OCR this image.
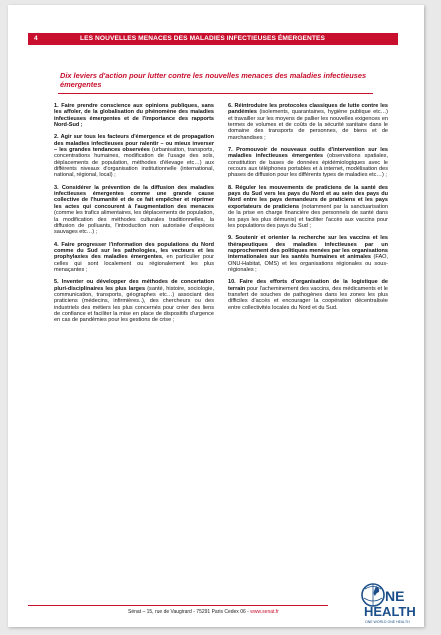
4	LES NOUVELLES MENACES DES MALADIES INFECTIEUSES ÉMERGENTES
Dix leviers d'action pour lutter contre les nouvelles menaces des maladies infectieuses émergentes

1. Faire prendre conscience aux opinions publiques, sans les affoler, de la globalisation du phénomène des maladies infectieuses émergentes et de l'importance des rapports Nord-Sud ;

2. Agir sur tous les facteurs d'émergence et de propagation des maladies infectieuses pour ralentir – ou mieux inverser – les grandes tendances observées (urbanisation, transports, concentrations humaines, modification de l'usage des sols, déplacements de population, méthodes d'élevage etc…) aux différents niveaux d'organisation institutionnelle (international, national, régional, local) ;

3. Considérer la prévention de la diffusion des maladies infectieuses émergentes comme une grande cause collective de l'humanité et de ce fait empêcher et réprimer les actes qui concourent à l'augmentation des menaces (comme les trafics alimentaires, les déplacements de population, la modification des méthodes culturales traditionnelles, la diffusion de polluants, l'introduction non autorisée d'espèces sauvages etc…) ;

4. Faire progresser l'information des populations du Nord comme du Sud sur les pathologies, les vecteurs et les prophylaxies des maladies émergentes, en particulier pour celles qui sont localement ou régionalement les plus menaçantes ;

5. Inventer ou développer des méthodes de concertation pluri-disciplinaires les plus larges (santé, histoire, sociologie, communication, transports, géographes etc…) associant des praticiens (médecins, infirmières..), des chercheurs ou des industriels des métiers les plus concernés pour créer des liens de confiance et faciliter la mise en place de dispositifs d'urgence en cas de pandémies pour les gestions de crise ;

6. Réintroduire les protocoles classiques de lutte contre les pandémies (isolements, quarantaines, hygiène publique etc…) et travailler sur les moyens de pallier les nouvelles exigences en termes de volumes et de coûts de la sécurité sanitaire dans le domaine des transports de personnes, de biens et de marchandises ;

7. Promouvoir de nouveaux outils d'intervention sur les maladies infectieuses émergentes (observations spatiales, constitution de bases de données épidémiologiques avec le recours aux téléphones portables et à internet, modélisation des phases de diffusion pour les différents types de maladies etc…) ;

8. Réguler les mouvements de praticiens de la santé des pays du Sud vers les pays du Nord et au sein des pays du Nord entre les pays demandeurs de praticiens et les pays exportateurs de praticiens (notamment par la sanctuarisation de la prise en charge financière des personnels de santé dans les pays les plus démunis) et faciliter l'accès aux vaccins pour les populations des pays du Sud ;

9. Soutenir et orienter la recherche sur les vaccins et les thérapeutiques des maladies infectieuses par un rapprochement des politiques menées par les organisations internationales sur les santés humaines et animales (FAO, ONU-Habitat, OMS) et les organisations régionales ou sous-régionales ;

10. Faire des efforts d'organisation de la logistique de terrain pour l'acheminement des vaccins, des médicaments et le transfert de souches de pathogènes dans les zones les plus difficiles d'accès et encourager la coopération décentralisée entre collectivités locales du Nord et du Sud.

Sénat – 15, rue de Vaugirard - 75291 Paris Cedex 06 - www.senat.fr
NE
HEALTH
ONE WORLD ONE HEALTH
